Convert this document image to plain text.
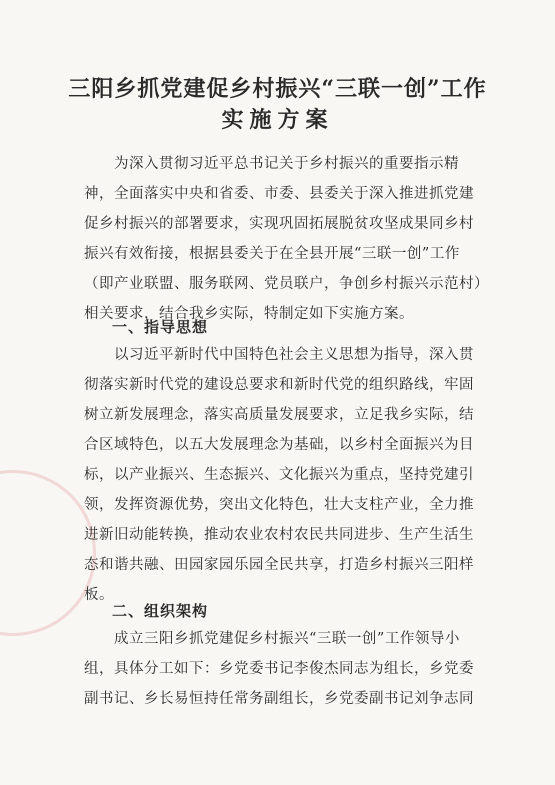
三阳乡抓党建促乡村振兴“三联一创”工作
实施方案
为深入贯彻习近平总书记关于乡村振兴的重要指示精
神，全面落实中央和省委、市委、县委关于深入推进抓党建
促乡村振兴的部署要求，实现巩固拓展脱贫攻坚成果同乡村
振兴有效衔接，根据县委关于在全县开展“三联一创”工作
（即产业联盟、服务联网、党员联户，争创乡村振兴示范村）
相关要求，结合我乡实际，特制定如下实施方案。
一、指导思想
以习近平新时代中国特色社会主义思想为指导，深入贯
彻落实新时代党的建设总要求和新时代党的组织路线，牢固
树立新发展理念，落实高质量发展要求，立足我乡实际，结
合区域特色，以五大发展理念为基础，以乡村全面振兴为目
标，以产业振兴、生态振兴、文化振兴为重点，坚持党建引
领，发挥资源优势，突出文化特色，壮大支柱产业，全力推
进新旧动能转换，推动农业农村农民共同进步、生产生活生
态和谐共融、田园家园乐园全民共享，打造乡村振兴三阳样
板。
二、组织架构
成立三阳乡抓党建促乡村振兴“三联一创”工作领导小
组，具体分工如下：乡党委书记李俊杰同志为组长，乡党委
副书记、乡长易恒持任常务副组长，乡党委副书记刘争志同
